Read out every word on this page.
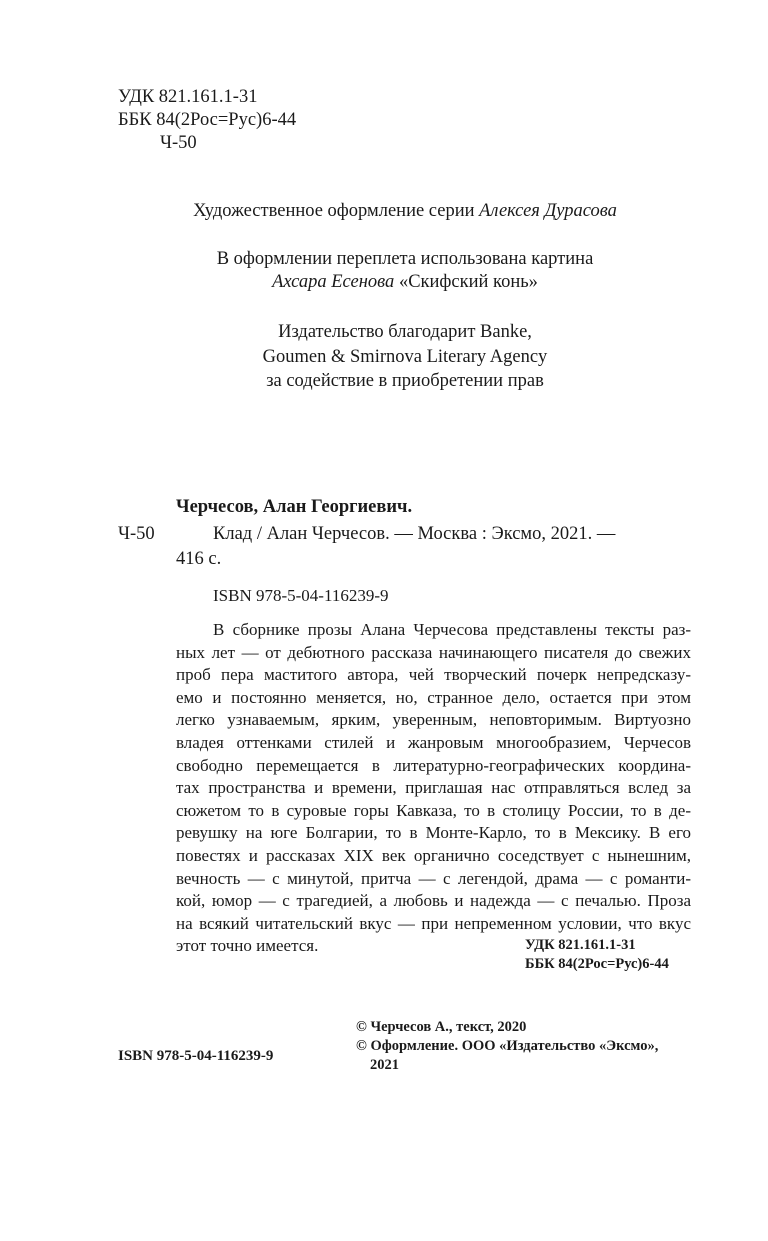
УДК 821.161.1-31
ББК 84(2Рос=Рус)6-44
Ч-50
Художественное оформление серии Алексея Дурасова
В оформлении переплета использована картина
Ахсара Есенова «Скифский конь»
Издательство благодарит Banke,
Goumen & Smirnova Literary Agency
за содействие в приобретении прав
Черчесов, Алан Георгиевич.
Ч-50	Клад / Алан Черчесов. — Москва : Эксмо, 2021. —
416 с.
ISBN 978-5-04-116239-9
В сборнике прозы Алана Черчесова представлены тексты раз-
ных лет — от дебютного рассказа начинающего писателя до свежих
проб пера маститого автора, чей творческий почерк непредсказу-
емо и постоянно меняется, но, странное дело, остается при этом
легко узнаваемым, ярким, уверенным, неповторимым. Виртуозно
владея оттенками стилей и жанровым многообразием, Черчесов
свободно перемещается в литературно-географических координа-
тах пространства и времени, приглашая нас отправляться вслед за
сюжетом то в суровые горы Кавказа, то в столицу России, то в де-
ревушку на юге Болгарии, то в Монте-Карло, то в Мексику. В его
повестях и рассказах XIX век органично соседствует с нынешним,
вечность — с минутой, притча — с легендой, драма — с романти-
кой, юмор — с трагедией, а любовь и надежда — с печалью. Проза
на всякий читательский вкус — при непременном условии, что вкус
этот точно имеется.	УДК 821.161.1-31
ББК 84(2Рос=Рус)6-44
© Черчесов А., текст, 2020
© Оформление. ООО «Издательство «Эксмо»,
2021
ISBN 978-5-04-116239-9
